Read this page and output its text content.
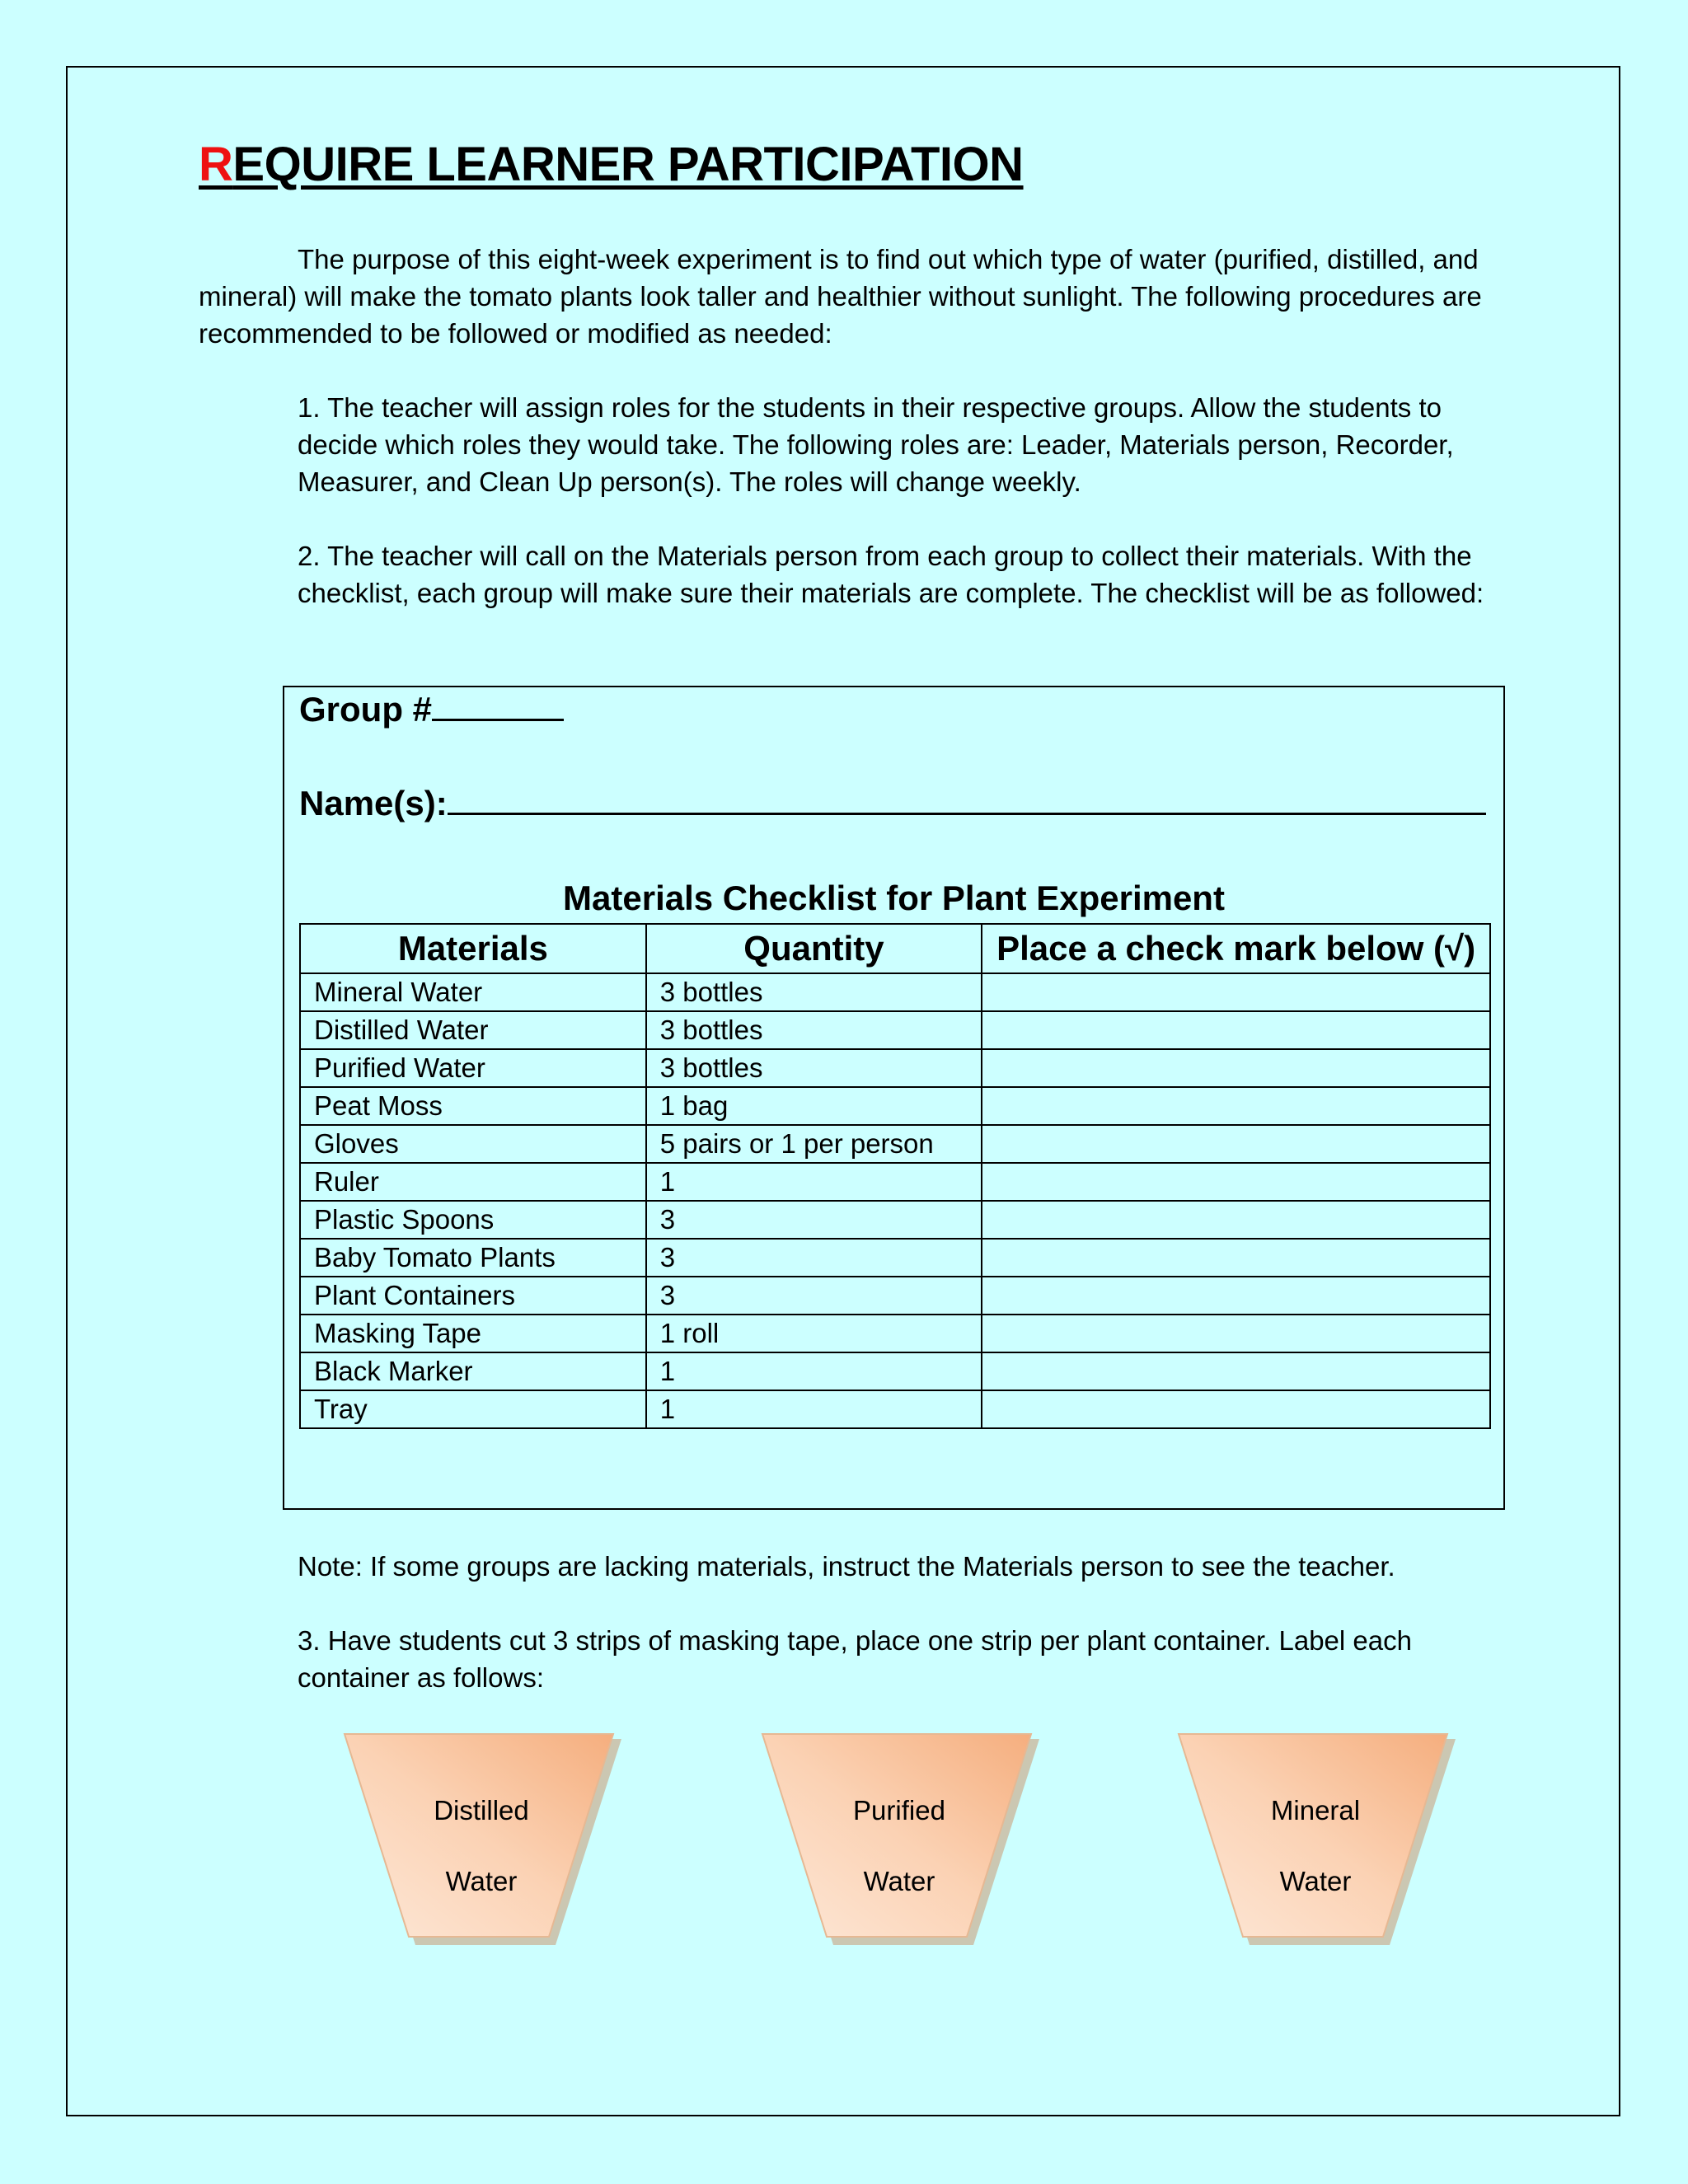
REQUIRE LEARNER PARTICIPATION

The purpose of this eight-week experiment is to find out which type of water (purified, distilled, and mineral) will make the tomato plants look taller and healthier without sunlight. The following procedures are recommended to be followed or modified as needed:

1. The teacher will assign roles for the students in their respective groups. Allow the students to decide which roles they would take. The following roles are: Leader, Materials person, Recorder, Measurer, and Clean Up person(s). The roles will change weekly.

2. The teacher will call on the Materials person from each group to collect their materials. With the checklist, each group will make sure their materials are complete. The checklist will be as followed:

Group #
Name(s):

Materials Checklist for Plant Experiment

Materials	Quantity	Place a check mark below (√)
Mineral Water	3 bottles	
Distilled Water	3 bottles	
Purified Water	3 bottles	
Peat Moss	1 bag	
Gloves	5 pairs or 1 per person	
Ruler	1	
Plastic Spoons	3	
Baby Tomato Plants	3	
Plant Containers	3	
Masking Tape	1 roll	
Black Marker	1	
Tray	1	

Note: If some groups are lacking materials, instruct the Materials person to see the teacher.

3. Have students cut 3 strips of masking tape, place one strip per plant container. Label each container as follows:

Distilled
Water
Purified
Water
Mineral
Water
